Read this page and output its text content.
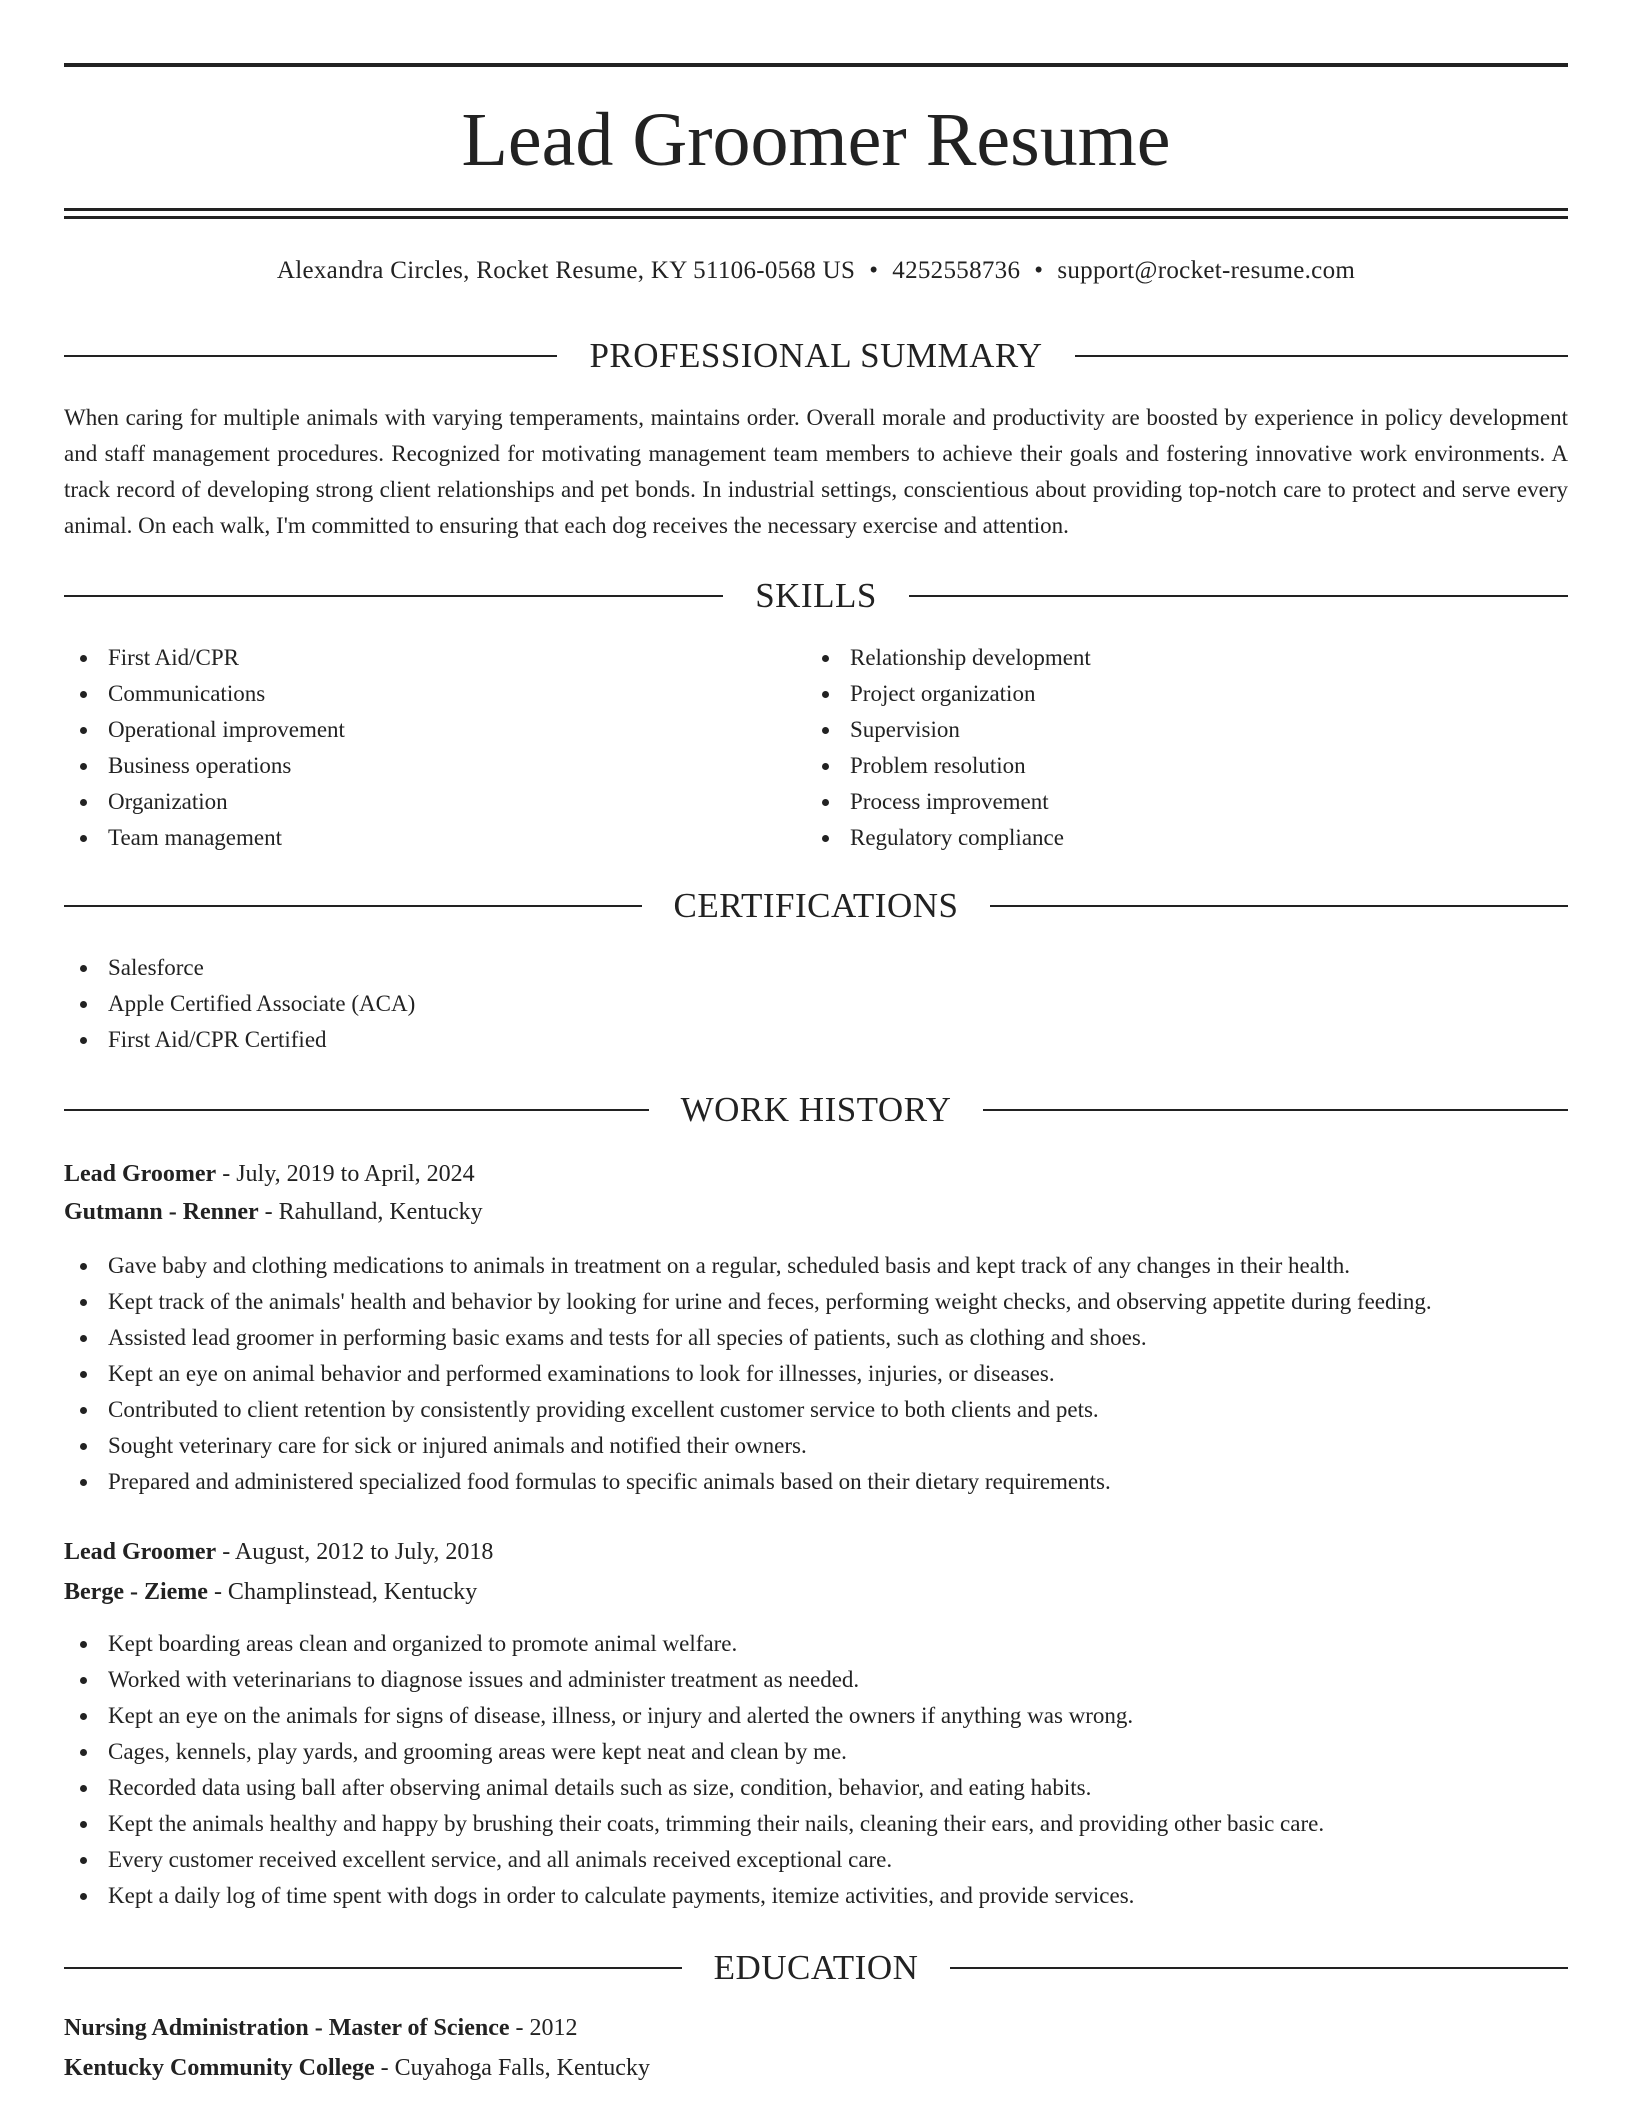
Lead Groomer Resume
Alexandra Circles, Rocket Resume, KY 51106-0568 US • 4252558736 • support@rocket-resume.com
PROFESSIONAL SUMMARY

When caring for multiple animals with varying temperaments, maintains order. Overall morale and productivity are boosted by experience in policy development and staff management procedures. Recognized for motivating management team members to achieve their goals and fostering innovative work environments. A track record of developing strong client relationships and pet bonds. In industrial settings, conscientious about providing top-notch care to protect and serve every animal. On each walk, I'm committed to ensuring that each dog receives the necessary exercise and attention.

SKILLS
First Aid/CPR
Communications
Operational improvement
Business operations
Organization
Team management
Relationship development
Project organization
Supervision
Problem resolution
Process improvement
Regulatory compliance
CERTIFICATIONS
Salesforce
Apple Certified Associate (ACA)
First Aid/CPR Certified
WORK HISTORY
Lead Groomer - July, 2019 to April, 2024
Gutmann - Renner - Rahulland, Kentucky
Gave baby and clothing medications to animals in treatment on a regular, scheduled basis and kept track of any changes in their health.
Kept track of the animals' health and behavior by looking for urine and feces, performing weight checks, and observing appetite during feeding.
Assisted lead groomer in performing basic exams and tests for all species of patients, such as clothing and shoes.
Kept an eye on animal behavior and performed examinations to look for illnesses, injuries, or diseases.
Contributed to client retention by consistently providing excellent customer service to both clients and pets.
Sought veterinary care for sick or injured animals and notified their owners.
Prepared and administered specialized food formulas to specific animals based on their dietary requirements.
Lead Groomer - August, 2012 to July, 2018
Berge - Zieme - Champlinstead, Kentucky
Kept boarding areas clean and organized to promote animal welfare.
Worked with veterinarians to diagnose issues and administer treatment as needed.
Kept an eye on the animals for signs of disease, illness, or injury and alerted the owners if anything was wrong.
Cages, kennels, play yards, and grooming areas were kept neat and clean by me.
Recorded data using ball after observing animal details such as size, condition, behavior, and eating habits.
Kept the animals healthy and happy by brushing their coats, trimming their nails, cleaning their ears, and providing other basic care.
Every customer received excellent service, and all animals received exceptional care.
Kept a daily log of time spent with dogs in order to calculate payments, itemize activities, and provide services.
EDUCATION
Nursing Administration - Master of Science - 2012
Kentucky Community College - Cuyahoga Falls, Kentucky
